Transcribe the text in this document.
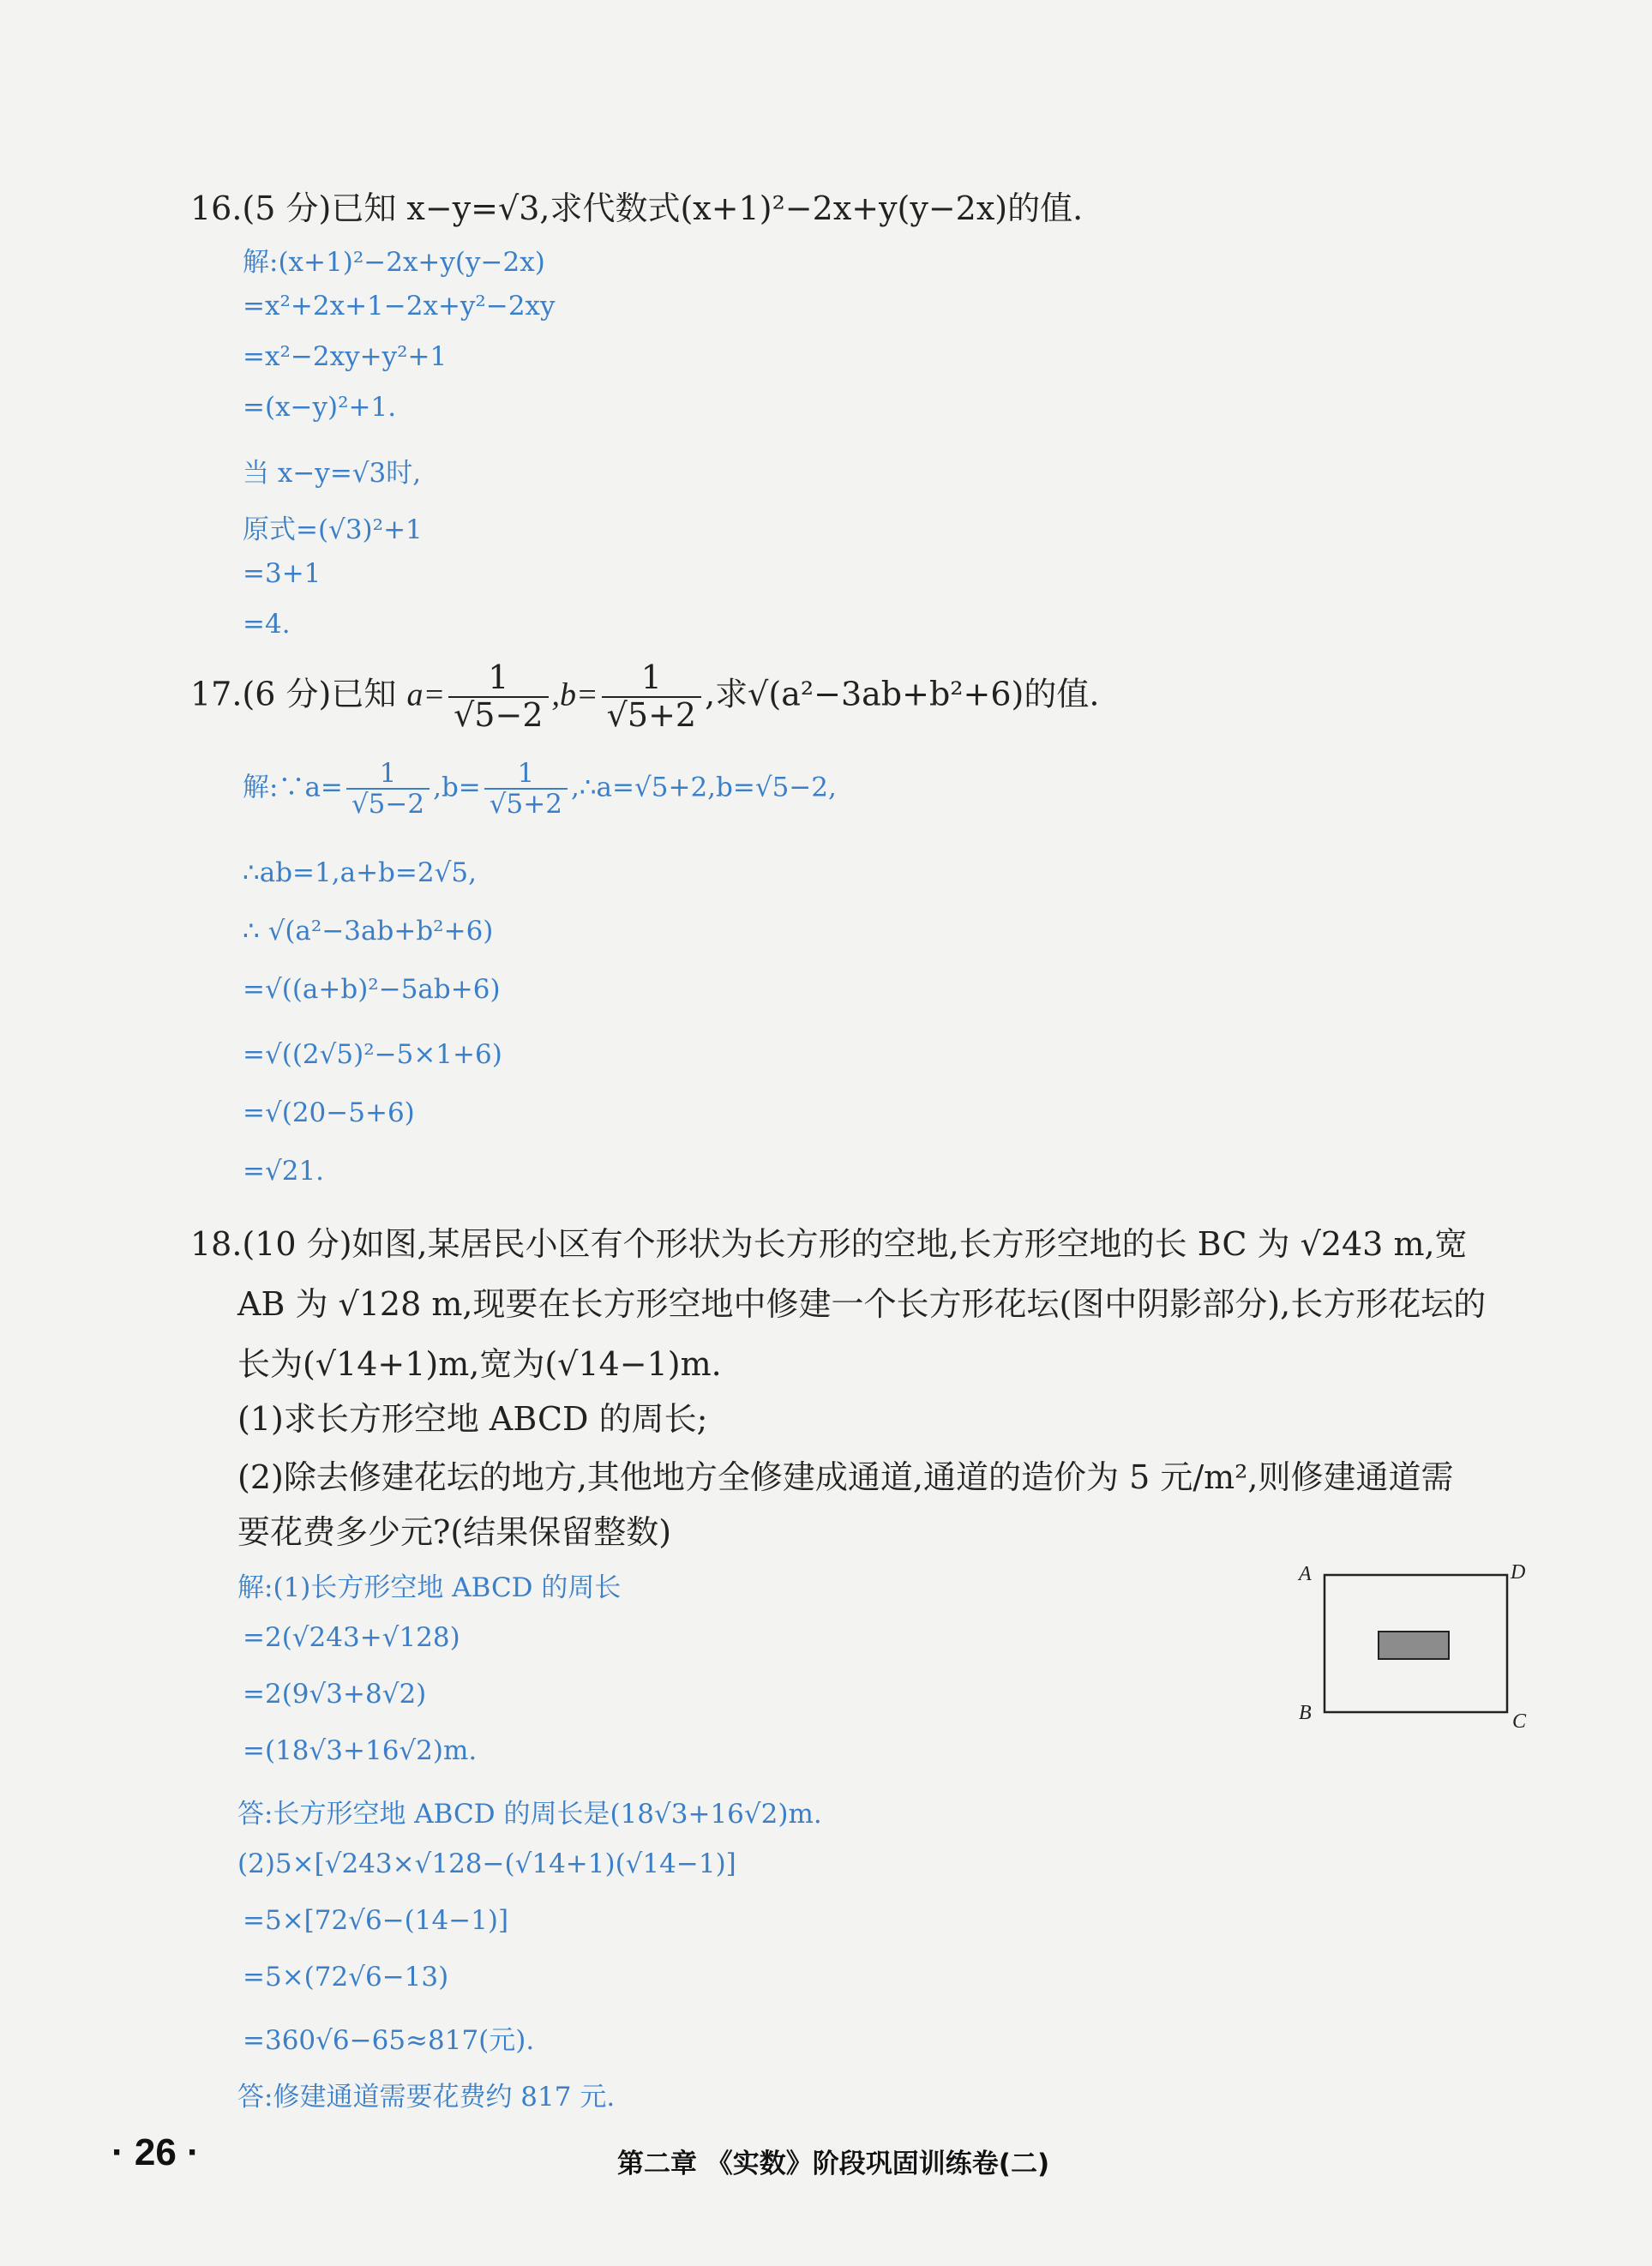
16.(5 分)已知 x−y=√3,求代数式(x+1)²−2x+y(y−2x)的值.
解:(x+1)²−2x+y(y−2x)
=x²+2x+1−2x+y²−2xy
=x²−2xy+y²+1
=(x−y)²+1.
当 x−y=√3时,
原式=(√3)²+1
=3+1
=4.
17.(6 分)已知 $a= \frac{1}{√5-2} ,b= \frac{1}{√5+2}$ ,求√(a²−3ab+b²+6)的值.
解:∵a= $\frac{1}{√5-2} ,b= \frac{1}{√5+2}$ ,∴a=√5+2,b=√5−2,
∴ab=1,a+b=2√5,
∴ √(a²−3ab+b²+6)
=√((a+b)²−5ab+6)
=√((2√5)²−5×1+6)
=√(20−5+6)
=√21.
18.(10 分)如图,某居民小区有个形状为长方形的空地,长方形空地的长 BC 为 √243 m,宽
AB 为 √128 m,现要在长方形空地中修建一个长方形花坛(图中阴影部分),长方形花坛的
长为(√14+1)m,宽为(√14−1)m.
(1)求长方形空地 ABCD 的周长;
(2)除去修建花坛的地方,其他地方全修建成通道,通道的造价为 5 元/m²,则修建通道需
要花费多少元?(结果保留整数)
解:(1)长方形空地 ABCD 的周长
=2(√243+√128)
=2(9√3+8√2)
=(18√3+16√2)m.
答:长方形空地 ABCD 的周长是(18√3+16√2)m.
(2)5×[√243×√128−(√14+1)(√14−1)]
=5×[72√6−(14−1)]
=5×(72√6−13)
=360√6−65≈817(元).
答:修建通道需要花费约 817 元.
A	D
B	C
· 26 ·	第二章 《实数》阶段巩固训练卷(二)
